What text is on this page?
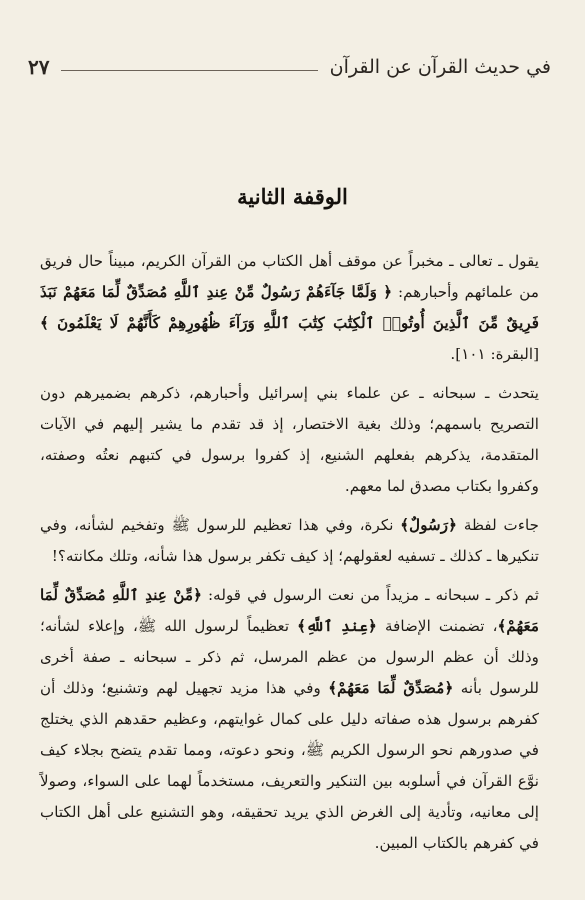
في حديث القرآن عن القرآن
٢٧
الوقفة الثانية

يقول ـ تعالى ـ مخبراً عن موقف أهل الكتاب من القرآن الكريم، مبيناً حال فريق من علمائهم وأحبارهم: ﴿ وَلَمَّا جَآءَهُمْ رَسُولٌ مِّنْ عِندِ ٱللَّهِ مُصَدِّقٌ لِّمَا مَعَهُمْ نَبَذَ فَرِيقٌ مِّنَ ٱلَّذِينَ أُوتُوا۟ ٱلْكِتَٰبَ كِتَٰبَ ٱللَّهِ وَرَآءَ ظُهُورِهِمْ كَأَنَّهُمْ لَا يَعْلَمُونَ ﴾ [البقرة: ١٠١].

يتحدث ـ سبحانه ـ عن علماء بني إسرائيل وأحبارهم، ذكرهم بضميرهم دون التصريح باسمهم؛ وذلك بغية الاختصار، إذ قد تقدم ما يشير إليهم في الآيات المتقدمة، يذكرهم بفعلهم الشنيع، إذ كفروا برسول في كتبهم نعتُه وصفته، وكفروا بكتاب مصدق لما معهم.

جاءت لفظة ﴿رَسُولٌ﴾ نكرة، وفي هذا تعظيم للرسول ﷺ وتفخيم لشأنه، وفي تنكيرها ـ كذلك ـ تسفيه لعقولهم؛ إذ كيف تكفر برسول هذا شأنه، وتلك مكانته؟!

ثم ذكر ـ سبحانه ـ مزيداً من نعت الرسول في قوله: ﴿مِّنْ عِندِ ٱللَّهِ مُصَدِّقٌ لِّمَا مَعَهُمْ﴾، تضمنت الإضافة ﴿عِندِ ٱللَّهِ﴾ تعظيماً لرسول الله ﷺ، وإعلاء لشأنه؛ وذلك أن عظم الرسول من عظم المرسل، ثم ذكر ـ سبحانه ـ صفة أخرى للرسول بأنه ﴿مُصَدِّقٌ لِّمَا مَعَهُمْ﴾ وفي هذا مزيد تجهيل لهم وتشنيع؛ وذلك أن كفرهم برسول هذه صفاته دليل على كمال غوايتهم، وعظيم حقدهم الذي يختلج في صدورهم نحو الرسول الكريم ﷺ، ونحو دعوته، ومما تقدم يتضح بجلاء كيف نوَّع القرآن في أسلوبه بين التنكير والتعريف، مستخدماً لهما على السواء، وصولاً إلى معانيه، وتأدية إلى الغرض الذي يريد تحقيقه، وهو التشنيع على أهل الكتاب في كفرهم بالكتاب المبين.
